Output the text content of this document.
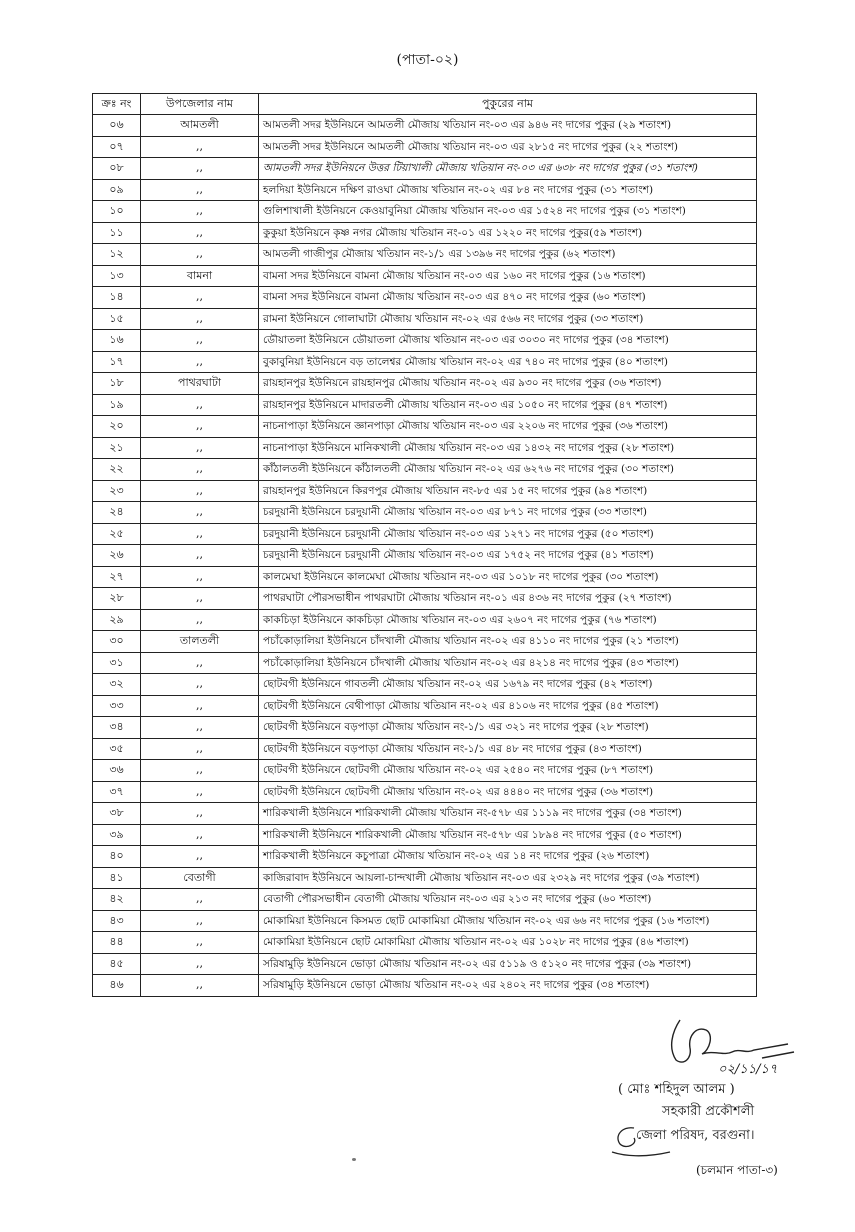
(পাতা-০২)
ক্রঃ নং	উপজেলার নাম	পুকুরের নাম
০৬	আমতলী	আমতলী সদর ইউনিয়নে আমতলী মৌজায় খতিয়ান নং-০৩ এর ৯৪৬ নং দাগের পুকুর (২৯ শতাংশ)
০৭	,,	আমতলী সদর ইউনিয়নে আমতলী মৌজায় খতিয়ান নং-০৩ এর ২৮১৫ নং দাগের পুকুর (২২ শতাংশ)
০৮	,,	আমতলী সদর ইউনিয়নে উত্তর টিয়াখালী মৌজায় খতিয়ান নং-০৩ এর ৬৩৮ নং দাগের পুকুর (৩১ শতাংশ)
০৯	,,	হলদিয়া ইউনিয়নে দক্ষিণ রাওঘা মৌজায় খতিয়ান নং-০২ এর ৮৪ নং দাগের পুকুর (৩১ শতাংশ)
১০	,,	গুলিশাখালী ইউনিয়নে কেওয়াবুনিয়া মৌজায় খতিয়ান নং-০৩ এর ১৫২৪ নং দাগের পুকুর (৩১ শতাংশ)
১১	,,	কুকুয়া ইউনিয়নে কৃষ্ণ নগর মৌজায় খতিয়ান নং-০১ এর ১২২০ নং দাগের পুকুর(৫৯ শতাংশ)
১২	,,	আমতলী গাজীপুর মৌজায় খতিয়ান নং-১/১ এর ১৩৯৬ নং দাগের পুকুর (৬২ শতাংশ)
১৩	বামনা	বামনা সদর ইউনিয়নে বামনা মৌজায় খতিয়ান নং-০৩ এর ১৬০ নং দাগের পুকুর (১৬ শতাংশ)
১৪	,,	বামনা সদর ইউনিয়নে বামনা মৌজায় খতিয়ান নং-০৩ এর ৪৭০ নং দাগের পুকুর (৬০ শতাংশ)
১৫	,,	রামনা ইউনিয়নে গোলাঘাটা মৌজায় খতিয়ান নং-০২ এর ৫৬৬ নং দাগের পুকুর (৩৩ শতাংশ)
১৬	,,	ডৌয়াতলা ইউনিয়নে ডৌয়াতলা মৌজায় খতিয়ান নং-০৩ এর ৩০৩০ নং দাগের পুকুর (৩৪ শতাংশ)
১৭	,,	বুকাবুনিয়া ইউনিয়নে বড় তালেশ্বর মৌজায় খতিয়ান নং-০২ এর ৭৪০ নং দাগের পুকুর (৪০ শতাংশ)
১৮	পাথরঘাটা	রায়হানপুর ইউনিয়নে রায়হানপুর মৌজায় খতিয়ান নং-০২ এর ৯৩০ নং দাগের পুকুর (৩৬ শতাংশ)
১৯	,,	রায়হানপুর ইউনিয়নে মাদারতলী মৌজায় খতিয়ান নং-০৩ এর ১০৫০ নং দাগের পুকুর (৪৭ শতাংশ)
২০	,,	নাচনাপাড়া ইউনিয়নে জ্ঞানপাড়া মৌজায় খতিয়ান নং-০৩ এর ২২০৬ নং দাগের পুকুর (৩৬ শতাংশ)
২১	,,	নাচনাপাড়া ইউনিয়নে মানিকখালী মৌজায় খতিয়ান নং-০৩ এর ১৪৩২ নং দাগের পুকুর (২৮ শতাংশ)
২২	,,	কাঁঠালতলী ইউনিয়নে কাঁঠালতলী মৌজায় খতিয়ান নং-০২ এর ৬২৭৬ নং দাগের পুকুর (৩০ শতাংশ)
২৩	,,	রায়হানপুর ইউনিয়নে কিরণপুর মৌজায় খতিয়ান নং-৮৫ এর ১৫ নং দাগের পুকুর (৯৪ শতাংশ)
২৪	,,	চরদুয়ানী ইউনিয়নে চরদুয়ানী মৌজায় খতিয়ান নং-০৩ এর ৮৭১ নং দাগের পুকুর (৩৩ শতাংশ)
২৫	,,	চরদুয়ানী ইউনিয়নে চরদুয়ানী মৌজায় খতিয়ান নং-০৩ এর ১২৭১ নং দাগের পুকুর (৫০ শতাংশ)
২৬	,,	চরদুয়ানী ইউনিয়নে চরদুয়ানী মৌজায় খতিয়ান নং-০৩ এর ১৭৫২ নং দাগের পুকুর (৪১ শতাংশ)
২৭	,,	কালমেঘা ইউনিয়নে কালমেঘা মৌজায় খতিয়ান নং-০৩ এর ১০১৮ নং দাগের পুকুর (৩০ শতাংশ)
২৮	,,	পাথরঘাটা পৌরসভাধীন পাথরঘাটা মৌজায় খতিয়ান নং-০১ এর ৪৩৬ নং দাগের পুকুর (২৭ শতাংশ)
২৯	,,	কাকচিড়া ইউনিয়নে কাকচিড়া মৌজায় খতিয়ান নং-০৩ এর ২৬০৭ নং দাগের পুকুর (৭৬ শতাংশ)
৩০	তালতলী	পচাঁকোড়ালিয়া ইউনিয়নে চাঁদখালী মৌজায় খতিয়ান নং-০২ এর ৪১১০ নং দাগের পুকুর (২১ শতাংশ)
৩১	,,	পচাঁকোড়ালিয়া ইউনিয়নে চাঁদখালী মৌজায় খতিয়ান নং-০২ এর ৪২১৪ নং দাগের পুকুর (৪৩ শতাংশ)
৩২	,,	ছোটবগী ইউনিয়নে গাবতলী মৌজায় খতিয়ান নং-০২ এর ১৬৭৯ নং দাগের পুকুর (৪২ শতাংশ)
৩৩	,,	ছোটবগী ইউনিয়নে বেথীপাড়া মৌজায় খতিয়ান নং-০২ এর ৪১০৬ নং দাগের পুকুর (৪৫ শতাংশ)
৩৪	,,	ছোটবগী ইউনিয়নে বড়পাড়া মৌজায় খতিয়ান নং-১/১ এর ৩২১ নং দাগের পুকুর (২৮ শতাংশ)
৩৫	,,	ছোটবগী ইউনিয়নে বড়পাড়া মৌজায় খতিয়ান নং-১/১ এর ৪৮ নং দাগের পুকুর (৪৩ শতাংশ)
৩৬	,,	ছোটবগী ইউনিয়নে ছোটবগী মৌজায় খতিয়ান নং-০২ এর ২৫৪০ নং দাগের পুকুর (৮৭ শতাংশ)
৩৭	,,	ছোটবগী ইউনিয়নে ছোটবগী মৌজায় খতিয়ান নং-০২ এর ৪৪৪০ নং দাগের পুকুর (৩৬ শতাংশ)
৩৮	,,	শারিকখালী ইউনিয়নে শারিকখালী মৌজায় খতিয়ান নং-৫৭৮ এর ১১১৯ নং দাগের পুকুর (৩৪ শতাংশ)
৩৯	,,	শারিকখালী ইউনিয়নে শারিকখালী মৌজায় খতিয়ান নং-৫৭৮ এর ১৮৯৪ নং দাগের পুকুর (৫০ শতাংশ)
৪০	,,	শারিকখালী ইউনিয়নে কচুপাত্রা মৌজায় খতিয়ান নং-০২ এর ১৪ নং দাগের পুকুর (২৬ শতাংশ)
৪১	বেতাগী	কাজিরাবাদ ইউনিয়নে আয়লা-চান্দখালী মৌজায় খতিয়ান নং-০৩ এর ২৩২৯ নং দাগের পুকুর (৩৯ শতাংশ)
৪২	,,	বেতাগী পৌরসভাধীন বেতাগী মৌজায় খতিয়ান নং-০৩ এর ২১৩ নং দাগের পুকুর (৬০ শতাংশ)
৪৩	,,	মোকামিয়া ইউনিয়নে কিসমত ছোট মোকামিয়া মৌজায় খতিয়ান নং-০২ এর ৬৬ নং দাগের পুকুর (১৬ শতাংশ)
৪৪	,,	মোকামিয়া ইউনিয়নে ছোট মোকামিয়া মৌজায় খতিয়ান নং-০২ এর ১০২৮ নং দাগের পুকুর (৪৬ শতাংশ)
৪৫	,,	সরিষামুড়ি ইউনিয়নে ভোড়া মৌজায় খতিয়ান নং-০২ এর ৫১১৯ ও ৫১২০ নং দাগের পুকুর (৩৯ শতাংশ)
৪৬	,,	সরিষামুড়ি ইউনিয়নে ভোড়া মৌজায় খতিয়ান নং-০২ এর ২৪০২ নং দাগের পুকুর (৩৪ শতাংশ)
০২/১১/১৭
( মোঃ শহিদুল আলম )
সহকারী প্রকৌশলী
জেলা পরিষদ, বরগুনা।
(চলমান পাতা-৩)
